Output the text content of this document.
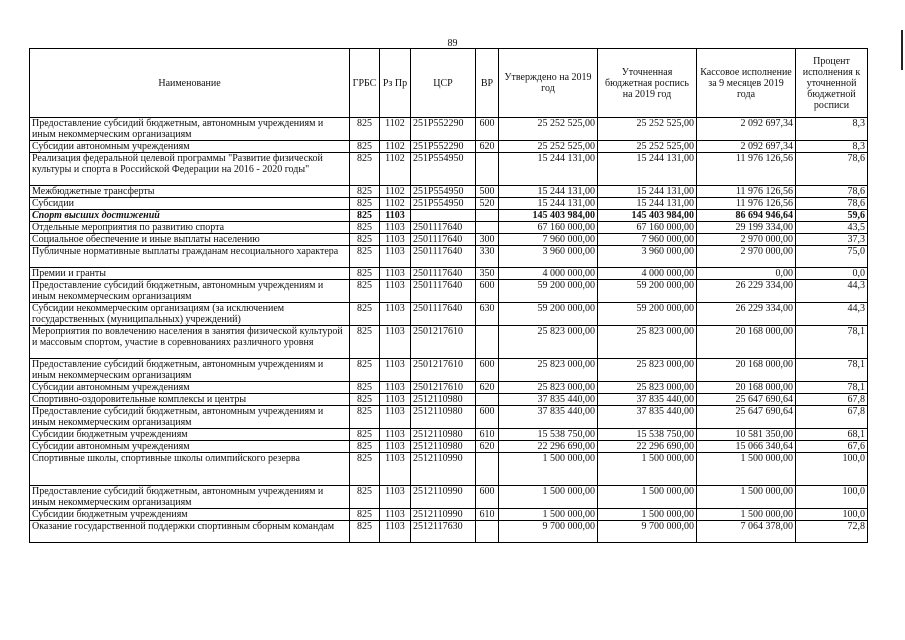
89
Наименование	ГРБС	Рз Пр	ЦСР	ВР	Утверждено на 2019 год	Уточненная бюджетная роспись на 2019 год	Кассовое исполнение за 9 месяцев 2019 года	Процент исполнения к уточненной бюджетной росписи
Предоставление субсидий бюджетным, автономным учреждениям и иным некоммерческим организациям	825	1102	251P552290	600	25 252 525,00	25 252 525,00	2 092 697,34	8,3
Субсидии автономным учреждениям	825	1102	251P552290	620	25 252 525,00	25 252 525,00	2 092 697,34	8,3
Реализация федеральной целевой программы "Развитие физической культуры и спорта в Российской Федерации на 2016 - 2020 годы"	825	1102	251P554950		15 244 131,00	15 244 131,00	11 976 126,56	78,6
Межбюджетные трансферты	825	1102	251P554950	500	15 244 131,00	15 244 131,00	11 976 126,56	78,6
Субсидии	825	1102	251P554950	520	15 244 131,00	15 244 131,00	11 976 126,56	78,6
Спорт высших достижений	825	1103			145 403 984,00	145 403 984,00	86 694 946,64	59,6
Отдельные мероприятия по развитию спорта	825	1103	2501117640		67 160 000,00	67 160 000,00	29 199 334,00	43,5
Социальное обеспечение и иные выплаты населению	825	1103	2501117640	300	7 960 000,00	7 960 000,00	2 970 000,00	37,3
Публичные нормативные выплаты гражданам несоциального характера	825	1103	2501117640	330	3 960 000,00	3 960 000,00	2 970 000,00	75,0
Премии и гранты	825	1103	2501117640	350	4 000 000,00	4 000 000,00	0,00	0,0
Предоставление субсидий бюджетным, автономным учреждениям и иным некоммерческим организациям	825	1103	2501117640	600	59 200 000,00	59 200 000,00	26 229 334,00	44,3
Субсидии некоммерческим организациям (за исключением государственных (муниципальных) учреждений)	825	1103	2501117640	630	59 200 000,00	59 200 000,00	26 229 334,00	44,3
Мероприятия по вовлечению населения в занятия физической культурой и массовым спортом, участие в соревнованиях различного уровня	825	1103	2501217610		25 823 000,00	25 823 000,00	20 168 000,00	78,1
Предоставление субсидий бюджетным, автономным учреждениям и иным некоммерческим организациям	825	1103	2501217610	600	25 823 000,00	25 823 000,00	20 168 000,00	78,1
Субсидии автономным учреждениям	825	1103	2501217610	620	25 823 000,00	25 823 000,00	20 168 000,00	78,1
Спортивно-оздоровительные комплексы и центры	825	1103	2512110980		37 835 440,00	37 835 440,00	25 647 690,64	67,8
Предоставление субсидий бюджетным, автономным учреждениям и иным некоммерческим организациям	825	1103	2512110980	600	37 835 440,00	37 835 440,00	25 647 690,64	67,8
Субсидии бюджетным учреждениям	825	1103	2512110980	610	15 538 750,00	15 538 750,00	10 581 350,00	68,1
Субсидии автономным учреждениям	825	1103	2512110980	620	22 296 690,00	22 296 690,00	15 066 340,64	67,6
Спортивные школы, спортивные школы олимпийского резерва	825	1103	2512110990		1 500 000,00	1 500 000,00	1 500 000,00	100,0
Предоставление субсидий бюджетным, автономным учреждениям и иным некоммерческим организациям	825	1103	2512110990	600	1 500 000,00	1 500 000,00	1 500 000,00	100,0
Субсидии бюджетным учреждениям	825	1103	2512110990	610	1 500 000,00	1 500 000,00	1 500 000,00	100,0
Оказание государственной поддержки спортивным сборным командам	825	1103	2512117630		9 700 000,00	9 700 000,00	7 064 378,00	72,8
